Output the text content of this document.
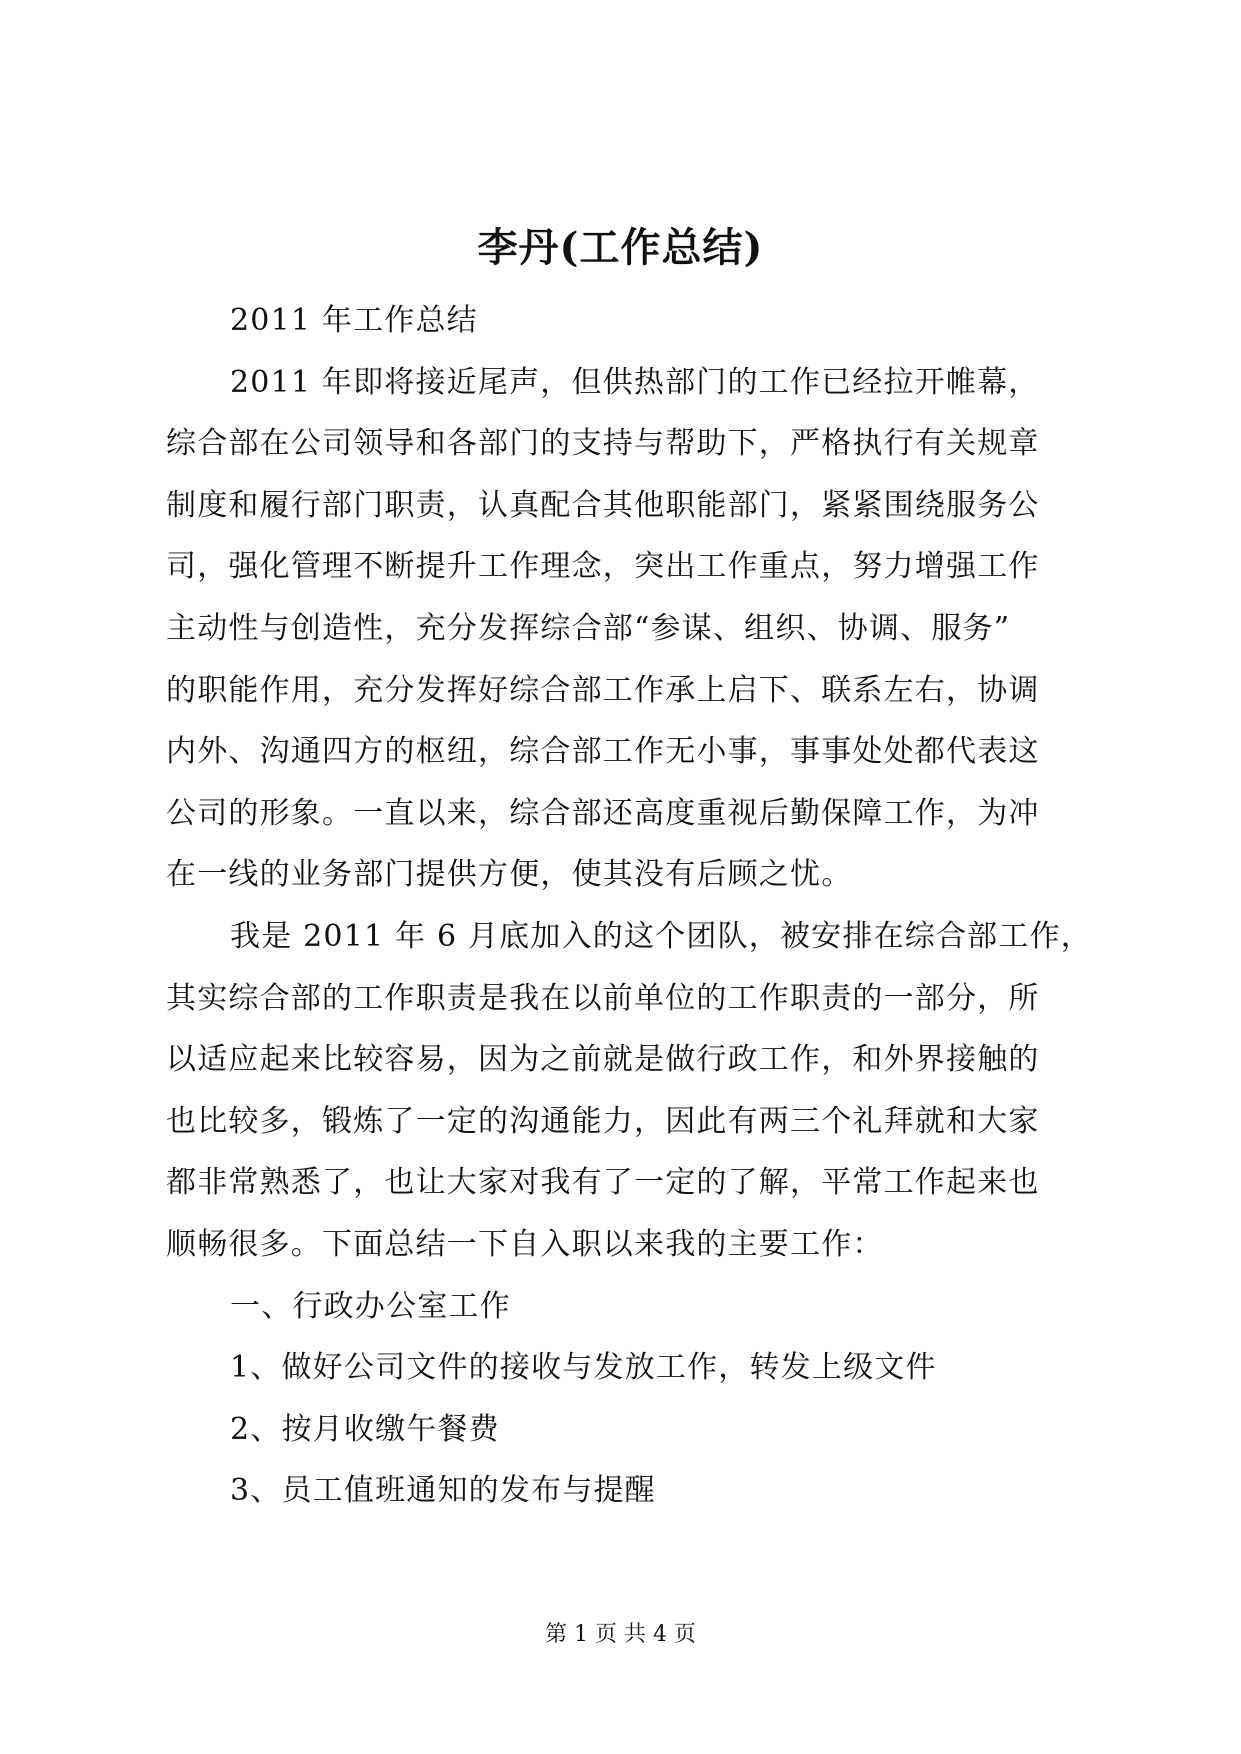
李丹(工作总结)
2011 年工作总结
2011 年即将接近尾声，但供热部门的工作已经拉开帷幕，
综合部在公司领导和各部门的支持与帮助下，严格执行有关规章
制度和履行部门职责，认真配合其他职能部门，紧紧围绕服务公
司，强化管理不断提升工作理念，突出工作重点，努力增强工作
主动性与创造性，充分发挥综合部“参谋、组织、协调、服务”
的职能作用，充分发挥好综合部工作承上启下、联系左右，协调
内外、沟通四方的枢纽，综合部工作无小事，事事处处都代表这
公司的形象。一直以来，综合部还高度重视后勤保障工作，为冲
在一线的业务部门提供方便，使其没有后顾之忧。
我是 2011 年 6 月底加入的这个团队，被安排在综合部工作，
其实综合部的工作职责是我在以前单位的工作职责的一部分，所
以适应起来比较容易，因为之前就是做行政工作，和外界接触的
也比较多，锻炼了一定的沟通能力，因此有两三个礼拜就和大家
都非常熟悉了，也让大家对我有了一定的了解，平常工作起来也
顺畅很多。下面总结一下自入职以来我的主要工作：
一、行政办公室工作
1、做好公司文件的接收与发放工作，转发上级文件
2、按月收缴午餐费
3、员工值班通知的发布与提醒
第 1 页 共 4 页
